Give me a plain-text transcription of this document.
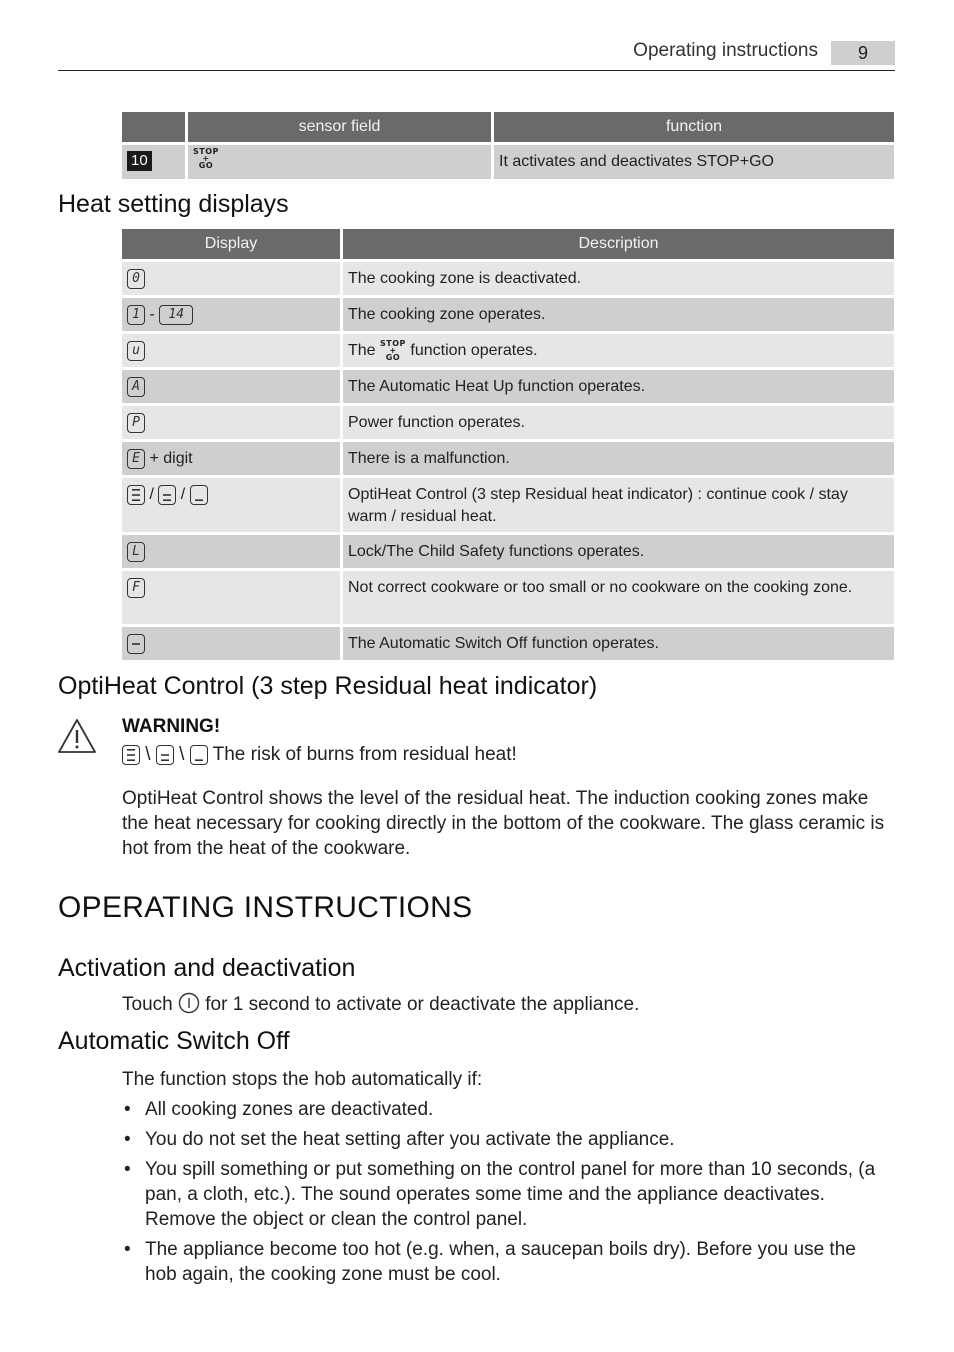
Operating instructions	9
	sensor field	function
10	STOP
+
GO	It activates and deactivates STOP+GO
Heat setting displays
Display	Description
0	The cooking zone is deactivated.
1 - 14	The cooking zone operates.
u	The STOP
+
GO function operates.
A	The Automatic Heat Up function operates.
P	Power function operates.
E + digit	There is a malfunction.

/
/	OptiHeat Control (3 step Residual heat indicator) : continue cook / stay warm / residual heat.
L	Lock/The Child Safety functions operates.
F	Not correct cookware or too small or no cookware on the cooking zone.

	The Automatic Switch Off function operates.
OptiHeat Control (3 step Residual heat indicator)
WARNING!
\
\
The risk of burns from residual heat!
OptiHeat Control shows the level of the residual heat. The induction cooking zones make the heat necessary for cooking directly in the bottom of the cookware. The glass ceramic is hot from the heat of the cookware.
OPERATING INSTRUCTIONS
Activation and deactivation
Touch for 1 second to activate or deactivate the appliance.
Automatic Switch Off
The function stops the hob automatically if:
• All cooking zones are deactivated.
• You do not set the heat setting after you activate the appliance.
• You spill something or put something on the control panel for more than 10 seconds, (a pan, a cloth, etc.). The sound operates some time and the appliance deactivates. Remove the object or clean the control panel.
• The appliance become too hot (e.g. when, a saucepan boils dry). Before you use the hob again, the cooking zone must be cool.
